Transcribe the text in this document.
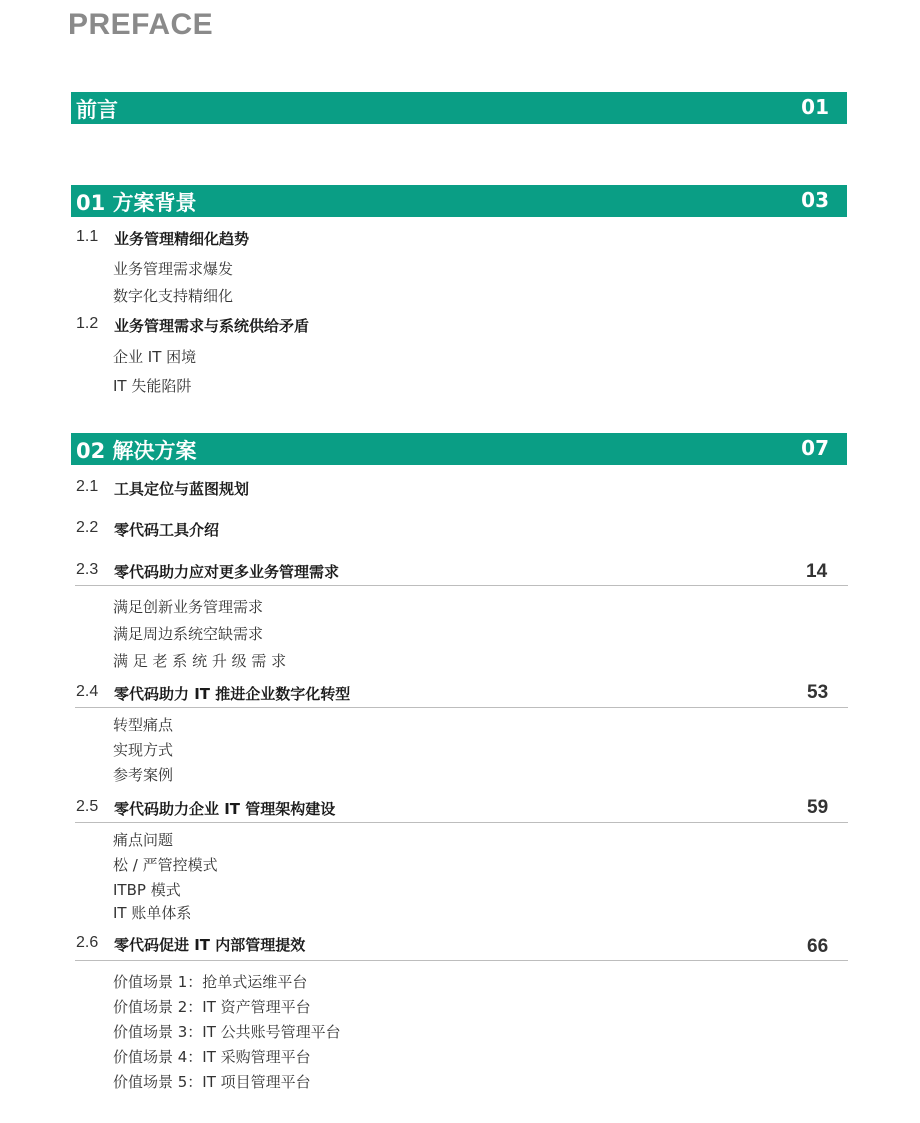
PREFACE
前言	01
01 方案背景	03
1.1 业务管理精细化趋势
业务管理需求爆发
数字化支持精细化
1.2 业务管理需求与系统供给矛盾
企业 IT 困境
IT 失能陷阱
02 解决方案	07
2.1 工具定位与蓝图规划
2.2 零代码工具介绍
2.3 零代码助力应对更多业务管理需求	14
满足创新业务管理需求
满足周边系统空缺需求
满 足 老 系 统 升 级 需 求
2.4 零代码助力 IT 推进企业数字化转型	53
转型痛点
实现方式
参考案例
2.5 零代码助力企业 IT 管理架构建设	59
痛点问题
松 / 严管控模式
ITBP 模式
IT 账单体系
2.6 零代码促进 IT 内部管理提效	66
价值场景 1：抢单式运维平台
价值场景 2：IT 资产管理平台
价值场景 3：IT 公共账号管理平台
价值场景 4：IT 采购管理平台
价值场景 5：IT 项目管理平台
